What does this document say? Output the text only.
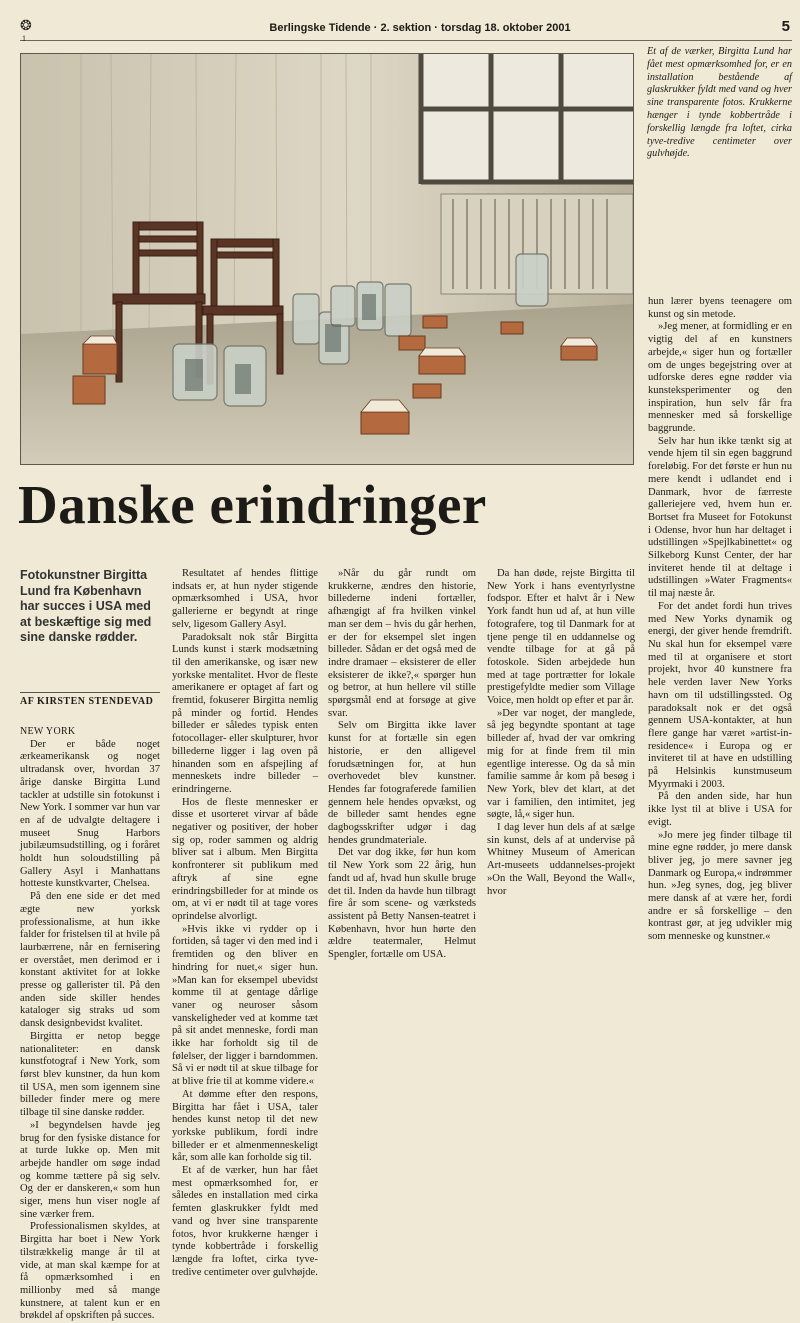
❂
1
Berlingske Tidende · 2. sektion · torsdag 18. oktober 2001	5
Et af de værker, Birgitta Lund har fået mest opmærksomhed for, er en installation bestående af glaskrukker fyldt med vand og hver sine transparente fotos. Krukkerne hænger i tynde kobbertråde i forskellig længde fra loftet, cirka tyve-tredive centimeter over gulvhøjde.
Danske erindringer
Fotokunstner Birgitta Lund fra København har succes i USA med at beskæftige sig med sine danske rødder.
AF KIRSTEN STENDEVAD

NEW YORK

Der er både noget ærkeamerikansk og noget ultradansk over, hvordan 37 årige danske Birgitta Lund tackler at udstille sin fotokunst i New York. I sommer var hun var en af de udvalgte deltagere i museet Snug Harbors jubilæumsudstilling, og i foråret holdt hun soloudstilling på Gallery Asyl i Manhattans hotteste kunstkvarter, Chelsea.

På den ene side er det med ægte new yorksk professionalisme, at hun ikke falder for fristelsen til at hvile på laurbærrene, når en fernisering er overstået, men derimod er i konstant aktivitet for at lokke presse og gallerister til. På den anden side skiller hendes kataloger sig straks ud som dansk designbevidst kvalitet.

Birgitta er netop begge nationaliteter: en dansk kunstfotograf i New York, som først blev kunstner, da hun kom til USA, men som igennem sine billeder finder mere og mere tilbage til sine danske rødder.

»I begyndelsen havde jeg brug for den fysiske distance for at turde lukke op. Men mit arbejde handler om søge indad og komme tættere på sig selv. Og der er danskeren,« som hun siger, mens hun viser nogle af sine værker frem.

Professionalismen skyldes, at Birgitta har boet i New York tilstrækkelig mange år til at vide, at man skal kæmpe for at få opmærksomhed i en millionby med så mange kunstnere, at talent kun er en brøkdel af opskriften på succes.

Resultatet af hendes flittige indsats er, at hun nyder stigende opmærksomhed i USA, hvor gallerierne er begyndt at ringe selv, ligesom Gallery Asyl.

Paradoksalt nok står Birgitta Lunds kunst i stærk modsætning til den amerikanske, og især new yorkske mentalitet. Hvor de fleste amerikanere er optaget af fart og fremtid, fokuserer Birgitta nemlig på minder og fortid. Hendes billeder er således typisk enten fotocollager- eller skulpturer, hvor billederne ligger i lag oven på hinanden som en afspejling af menneskets indre billeder – erindringerne.

Hos de fleste mennesker er disse et usorteret virvar af både negativer og positiver, der hober sig op, roder sammen og aldrig bliver sat i album. Men Birgitta konfronterer sit publikum med aftryk af sine egne erindringsbilleder for at minde os om, at vi er nødt til at tage vores oprindelse alvorligt.

»Hvis ikke vi rydder op i fortiden, så tager vi den med ind i fremtiden og den bliver en hindring for nuet,« siger hun. »Man kan for eksempel ubevidst komme til at gentage dårlige vaner og neuroser såsom vanskeligheder ved at komme tæt på sit andet menneske, fordi man ikke har forholdt sig til de følelser, der ligger i barndommen. Så vi er nødt til at skue tilbage for at blive frie til at komme videre.«

At dømme efter den respons, Birgitta har fået i USA, taler hendes kunst netop til det new yorkske publikum, fordi indre billeder er et almenmenneskeligt kår, som alle kan forholde sig til.

Et af de værker, hun har fået mest opmærksomhed for, er således en installation med cirka femten glaskrukker fyldt med vand og hver sine transparente fotos, hvor krukkerne hænger i tynde kobbertråde i forskellig længde fra loftet, cirka tyve-tredive centimeter over gulvhøjde.

»Når du går rundt om krukkerne, ændres den historie, billederne indeni fortæller, afhængigt af fra hvilken vinkel man ser dem – hvis du går herhen, er der for eksempel slet ingen billeder. Sådan er det også med de indre dramaer – eksisterer de eller eksisterer de ikke?,« spørger hun og betror, at hun hellere vil stille spørgsmål end at forsøge at give svar.

Selv om Birgitta ikke laver kunst for at fortælle sin egen historie, er den alligevel forudsætningen for, at hun overhovedet blev kunstner. Hendes far fotograferede familien gennem hele hendes opvækst, og de billeder samt hendes egne dagbogsskrifter udgør i dag hendes grundmateriale.

Det var dog ikke, før hun kom til New York som 22 årig, hun fandt ud af, hvad hun skulle bruge det til. Inden da havde hun tilbragt fire år som scene- og værksteds assistent på Betty Nansen-teatret i København, hvor hun hørte den ældre teatermaler, Helmut Spengler, fortælle om USA.

Da han døde, rejste Birgitta til New York i hans eventyrlystne fodspor. Efter et halvt år i New York fandt hun ud af, at hun ville fotografere, tog til Danmark for at tjene penge til en uddannelse og vendte tilbage for at gå på fotoskole. Siden arbejdede hun med at tage portrætter for lokale prestigefyldte medier som Village Voice, men holdt op efter et par år.

»Der var noget, der manglede, så jeg begyndte spontant at tage billeder af, hvad der var omkring mig for at finde frem til min egentlige interesse. Og da så min familie samme år kom på besøg i New York, blev det klart, at det var i familien, den intimitet, jeg søgte, lå,« siger hun.

I dag lever hun dels af at sælge sin kunst, dels af at undervise på Whitney Museum of American Art-museets uddannelses-projekt »On the Wall, Beyond the Wall«, hvor

hun lærer byens teenagere om kunst og sin metode.

»Jeg mener, at formidling er en vigtig del af en kunstners arbejde,« siger hun og fortæller om de unges begejstring over at udforske deres egne rødder via kunsteksperimenter og den inspiration, hun selv får fra mennesker med så forskellige baggrunde.

Selv har hun ikke tænkt sig at vende hjem til sin egen baggrund foreløbig. For det første er hun nu mere kendt i udlandet end i Danmark, hvor de færreste galleriejere ved, hvem hun er. Bortset fra Museet for Fotokunst i Odense, hvor hun har deltaget i udstillingen »Spejlkabinettet« og Silkeborg Kunst Center, der har inviteret hende til at deltage i udstillingen »Water Fragments« til maj næste år.

For det andet fordi hun trives med New Yorks dynamik og energi, der giver hende fremdrift. Nu skal hun for eksempel være med til at organisere et stort projekt, hvor 40 kunstnere fra hele verden laver New Yorks havn om til udstillingssted. Og paradoksalt nok er det også gennem USA-kontakter, at hun flere gange har været »artist-in-residence« i Europa og er inviteret til at have en udstilling på Helsinkis kunstmuseum Myyrmaki i 2003.

På den anden side, har hun ikke lyst til at blive i USA for evigt.

»Jo mere jeg finder tilbage til mine egne rødder, jo mere dansk bliver jeg, jo mere savner jeg Danmark og Europa,« indrømmer hun. »Jeg synes, dog, jeg bliver mere dansk af at være her, fordi andre er så forskellige – den kontrast gør, at jeg udvikler mig som menneske og kunstner.«
